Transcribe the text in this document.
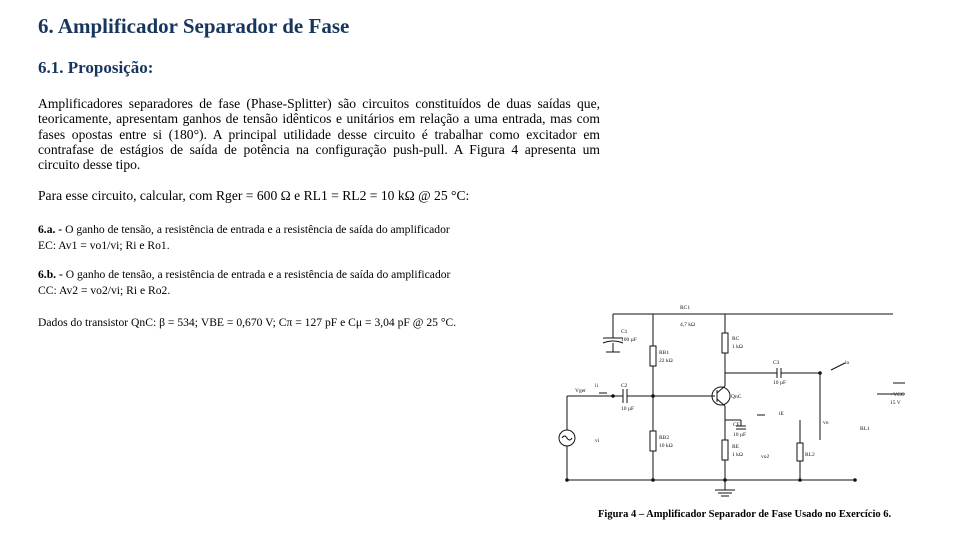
6. Amplificador Separador de Fase
6.1. Proposição:
Amplificadores separadores de fase (Phase-Splitter) são circuitos constituídos de duas saídas que, teoricamente, apresentam ganhos de tensão idênticos e unitários em relação a uma entrada, mas com fases opostas entre si (180°). A principal utilidade desse circuito é trabalhar como excitador em contrafase de estágios de saída de potência na configuração push-pull. A Figura 4 apresenta um circuito desse tipo.
Para esse circuito, calcular, com Rger = 600 Ω e RL1 = RL2 = 10 kΩ @ 25 °C:
6.a. - O ganho de tensão, a resistência de entrada e a resistência de saída do amplificador
EC: Av1 = vo1/vi; Ri e Ro1.
6.b. - O ganho de tensão, a resistência de entrada e a resistência de saída do amplificador
CC: Av2 = vo2/vi; Ri e Ro2.
Dados do transistor QnC: β = 534; VBE = 0,670 V; Cπ = 127 pF e Cμ = 3,04 pF @ 25 °C.
RC1
4,7 kΩ
C1
100 µF
RB1
22 kΩ
RC
1 kΩ
C3
10 µF
io
Vger
ii	C2
10 µF
QnC
iE
vo
RL1
+VCC
15 V
vi	RB2
10 kΩ
CE
10 µF
RE
1 kΩ	vo2	RL2
Figura 4 – Amplificador Separador de Fase Usado no Exercício 6.
